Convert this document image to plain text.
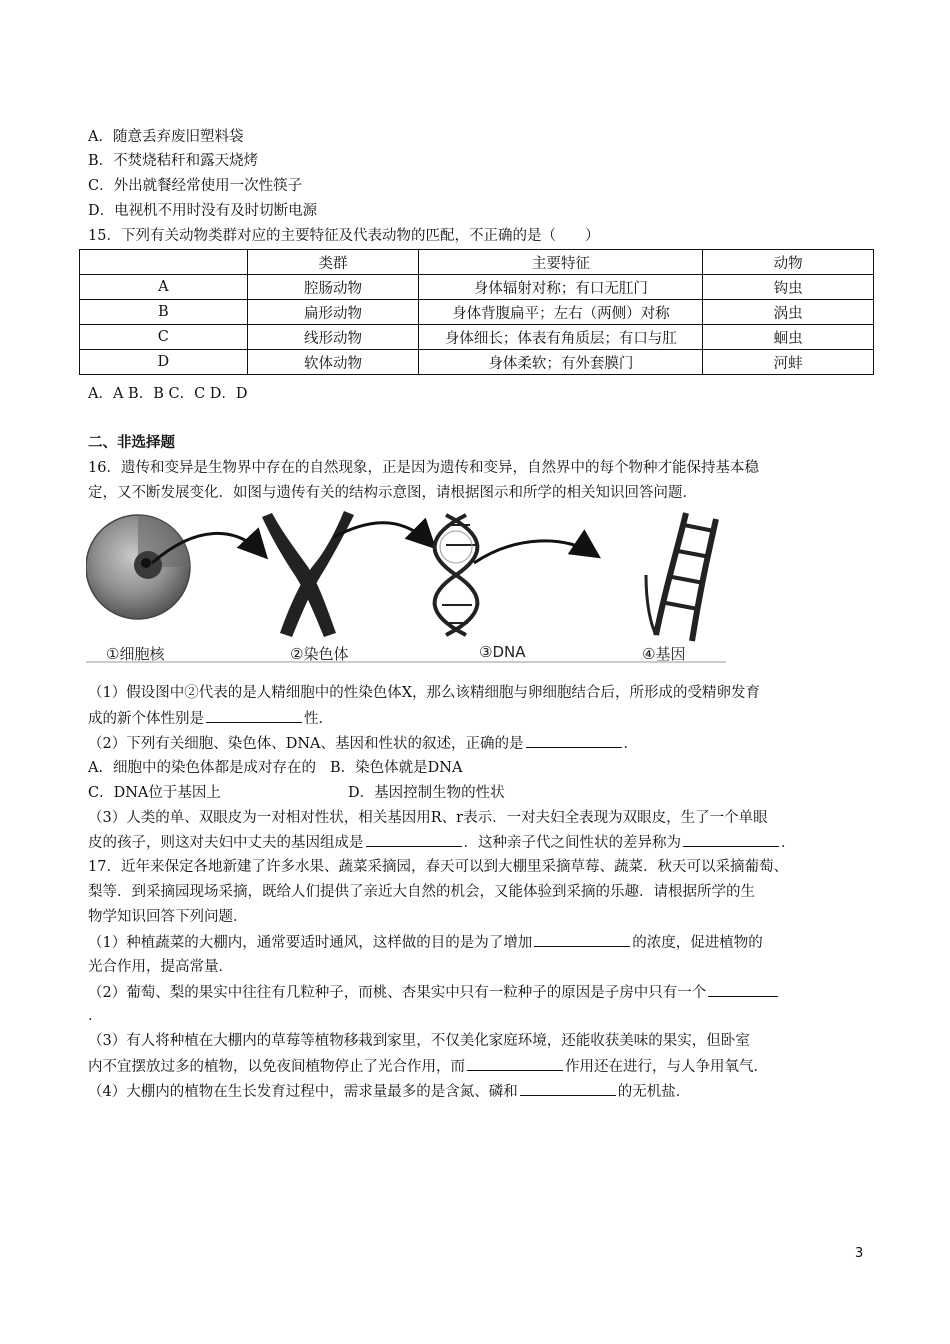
A．随意丢弃废旧塑料袋
B．不焚烧秸秆和露天烧烤
C．外出就餐经常使用一次性筷子
D．电视机不用时没有及时切断电源
15．下列有关动物类群对应的主要特征及代表动物的匹配，不正确的是（　　）
	类群	主要特征	动物
A	腔肠动物	身体辐射对称；有口无肛门	钩虫
B	扁形动物	身体背腹扁平；左右（两侧）对称	涡虫
C	线形动物	身体细长；体表有角质层；有口与肛	蛔虫
D	软体动物	身体柔软；有外套膜门	河蚌
A．A B．B C．C D．D
二、非选择题
16．遗传和变异是生物界中存在的自然现象，正是因为遗传和变异，自然界中的每个物种才能保持基本稳
定，又不断发展变化．如图与遗传有关的结构示意图，请根据图示和所学的相关知识回答问题．
①细胞核	②染色体	③DNA	④基因
（1）假设图中②代表的是人精细胞中的性染色体X，那么该精细胞与卵细胞结合后，所形成的受精卵发育
成的新个体性别是	性．
（2）下列有关细胞、染色体、DNA、基因和性状的叙述，正确的是	．
A．细胞中的染色体都是成对存在的 B．染色体就是DNA
C．DNA位于基因上	D．基因控制生物的性状
（3）人类的单、双眼皮为一对相对性状，相关基因用R、r表示．一对夫妇全表现为双眼皮，生了一个单眼
皮的孩子，则这对夫妇中丈夫的基因组成是	．这种亲子代之间性状的差异称为	．
17．近年来保定各地新建了许多水果、蔬菜采摘园，春天可以到大棚里采摘草莓、蔬菜．秋天可以采摘葡萄、
梨等．到采摘园现场采摘，既给人们提供了亲近大自然的机会，又能体验到采摘的乐趣．请根据所学的生
物学知识回答下列问题．
（1）种植蔬菜的大棚内，通常要适时通风，这样做的目的是为了增加	的浓度，促进植物的
光合作用，提高常量．
（2）葡萄、梨的果实中往往有几粒种子，而桃、杏果实中只有一粒种子的原因是子房中只有一个
．
（3）有人将种植在大棚内的草莓等植物移栽到家里，不仅美化家庭环境，还能收获美味的果实，但卧室
内不宜摆放过多的植物，以免夜间植物停止了光合作用，而	作用还在进行，与人争用氧气．
（4）大棚内的植物在生长发育过程中，需求量最多的是含氮、磷和	的无机盐．
3
